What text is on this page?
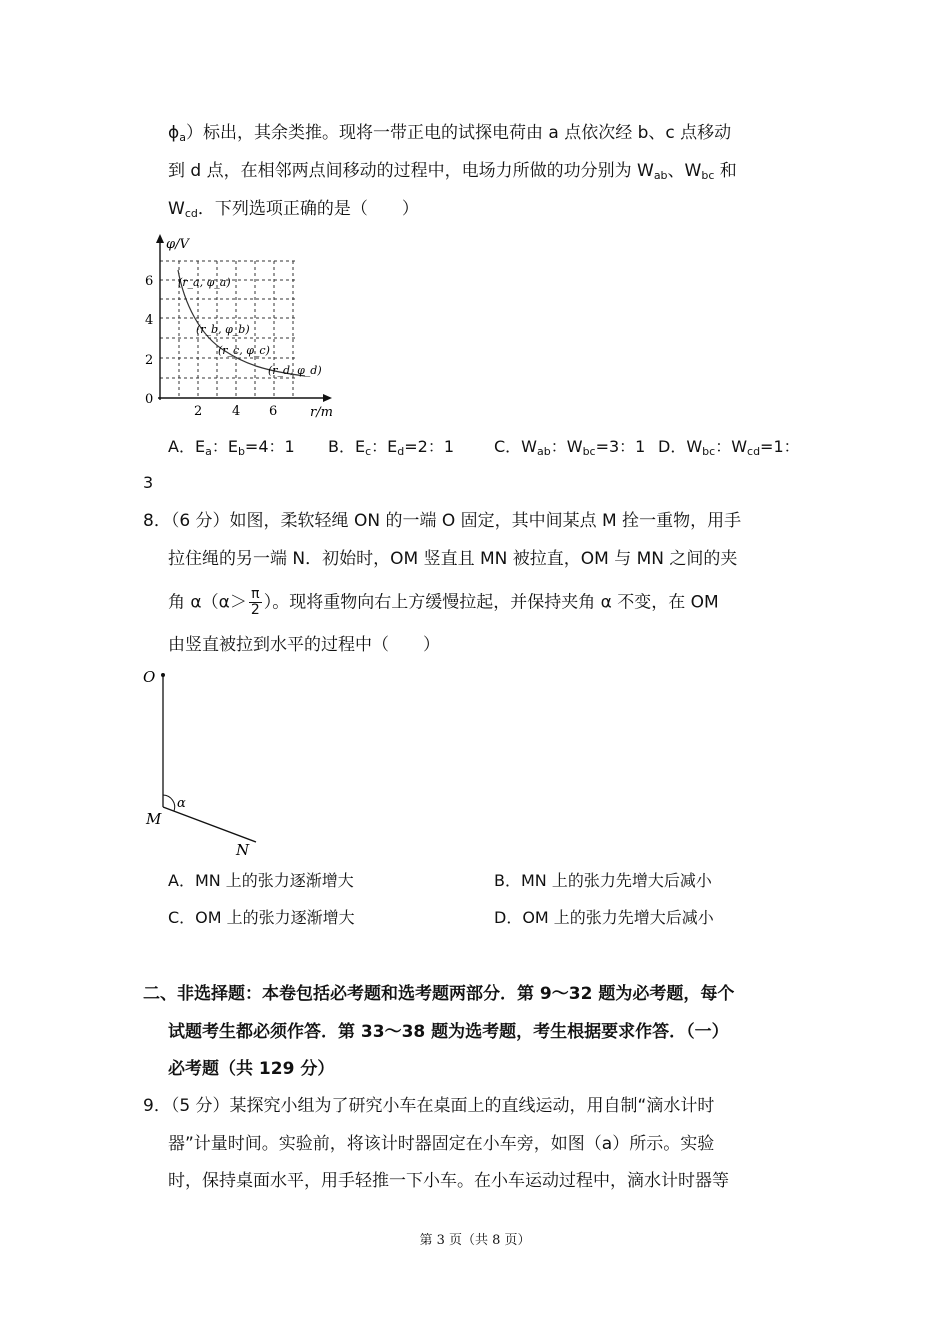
$\phi_a$）标出，其余类推。现将一带正电的试探电荷由 a 点依次经 b、c 点移动
到 d 点，在相邻两点间移动的过程中，电场力所做的功分别为 $W_{ab}$、$W_{bc}$ 和
$W_{cd}$．下列选项正确的是（　　）
φ/V
r/m
6
4
2
0
2 4 6
(r_a, φ_a)
(r_b, φ_b)
(r_c, φ_c)
(r_d, φ_d)
A．$E_a$：$E_b=4$：1 B．$E_c$：$E_d=2$：1 C．$W_{ab}$：$W_{bc}=3$：1 D．$W_{bc}$：$W_{cd}=1$：
3
8．（6 分）如图，柔软轻绳 ON 的一端 O 固定，其中间某点 M 拴一重物，用手
拉住绳的另一端 N．初始时，OM 竖直且 MN 被拉直，OM 与 MN 之间的夹
角 $\alpha(\alpha> \frac{\pi}{2}$ ）。现将重物向右上方缓慢拉起，并保持夹角 α 不变，在 OM
由竖直被拉到水平的过程中（　　）
O
α
M
N
A．MN 上的张力逐渐增大	B．MN 上的张力先增大后减小
C．OM 上的张力逐渐增大	D．OM 上的张力先增大后减小
二、非选择题：本卷包括必考题和选考题两部分．第 9～32 题为必考题，每个
试题考生都必须作答．第 33～38 题为选考题，考生根据要求作答．（一）
必考题（共 129 分）
9．（5 分）某探究小组为了研究小车在桌面上的直线运动，用自制“滴水计时
器”计量时间。实验前，将该计时器固定在小车旁，如图（a）所示。实验
时，保持桌面水平，用手轻推一下小车。在小车运动过程中，滴水计时器等
第 3 页（共 8 页）
